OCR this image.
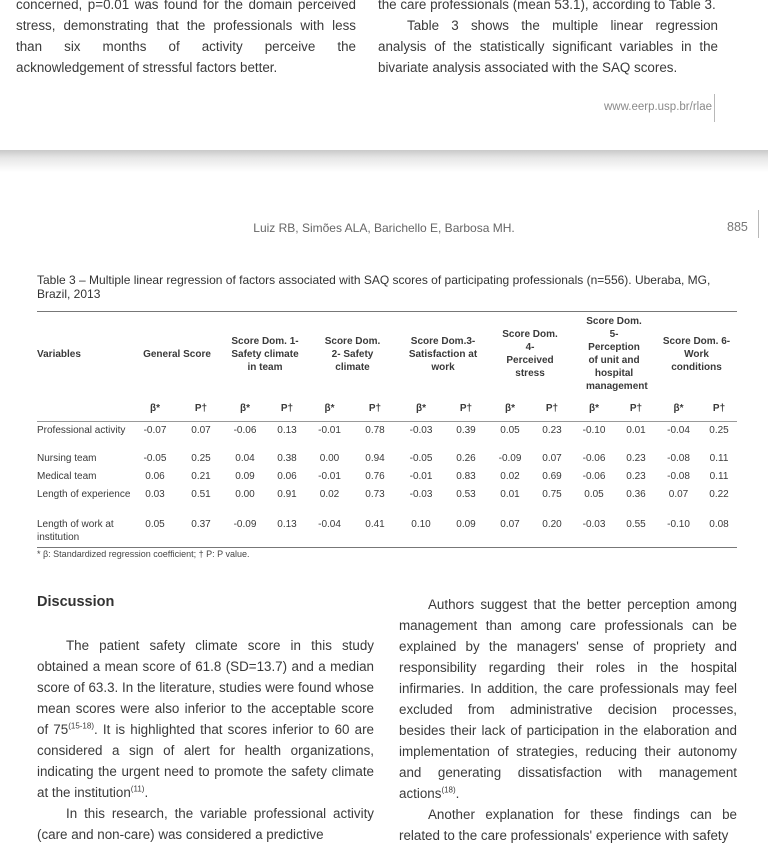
concerned, p=0.01 was found for the domain perceived stress, demonstrating that the professionals with less than six months of activity perceive the acknowledgement of stressful factors better.

the care professionals (mean 53.1), according to Table 3.

Table 3 shows the multiple linear regression analysis of the statistically significant variables in the bivariate analysis associated with the SAQ scores.

www.eerp.usp.br/rlae
Luiz RB, Simões ALA, Barichello E, Barbosa MH.	885
Table 3 – Multiple linear regression of factors associated with SAQ scores of participating professionals (n=556). Uberaba, MG, Brazil, 2013
Variables	General Score		Score Dom. 1- Safety climate in team		Score Dom. 2- Safety climate		Score Dom.3- Satisfaction at work		Score Dom. 4- Perceived stress		Score Dom. 5- Perception of unit and hospital management		Score Dom. 6- Work conditions	
	β*	P†	β*	P†	β*	P†	β*	P†	β*	P†	β*	P†	β*	P†
Professional activity	-0.07	0.07	-0.06	0.13	-0.01	0.78	-0.03	0.39	0.05	0.23	-0.10	0.01	-0.04	0.25
Nursing team	-0.05	0.25	0.04	0.38	0.00	0.94	-0.05	0.26	-0.09	0.07	-0.06	0.23	-0.08	0.11
Medical team	0.06	0.21	0.09	0.06	-0.01	0.76	-0.01	0.83	0.02	0.69	-0.06	0.23	-0.08	0.11
Length of experience	0.03	0.51	0.00	0.91	0.02	0.73	-0.03	0.53	0.01	0.75	0.05	0.36	0.07	0.22
Length of work at institution	0.05	0.37	-0.09	0.13	-0.04	0.41	0.10	0.09	0.07	0.20	-0.03	0.55	-0.10	0.08
* β: Standardized regression coefficient; † P: P value.
Discussion

The patient safety climate score in this study obtained a mean score of 61.8 (SD=13.7) and a median score of 63.3. In the literature, studies were found whose mean scores were also inferior to the acceptable score of 75$^{(15-18)}$. It is highlighted that scores inferior to 60 are considered a sign of alert for health organizations, indicating the urgent need to promote the safety climate at the institution$^{(11)}$.

In this research, the variable professional activity (care and non-care) was considered a predictive

Authors suggest that the better perception among management than among care professionals can be explained by the managers' sense of propriety and responsibility regarding their roles in the hospital infirmaries. In addition, the care professionals may feel excluded from administrative decision processes, besides their lack of participation in the elaboration and implementation of strategies, reducing their autonomy and generating dissatisfaction with management actions$^{(18)}$.

Another explanation for these findings can be related to the care professionals' experience with safety
